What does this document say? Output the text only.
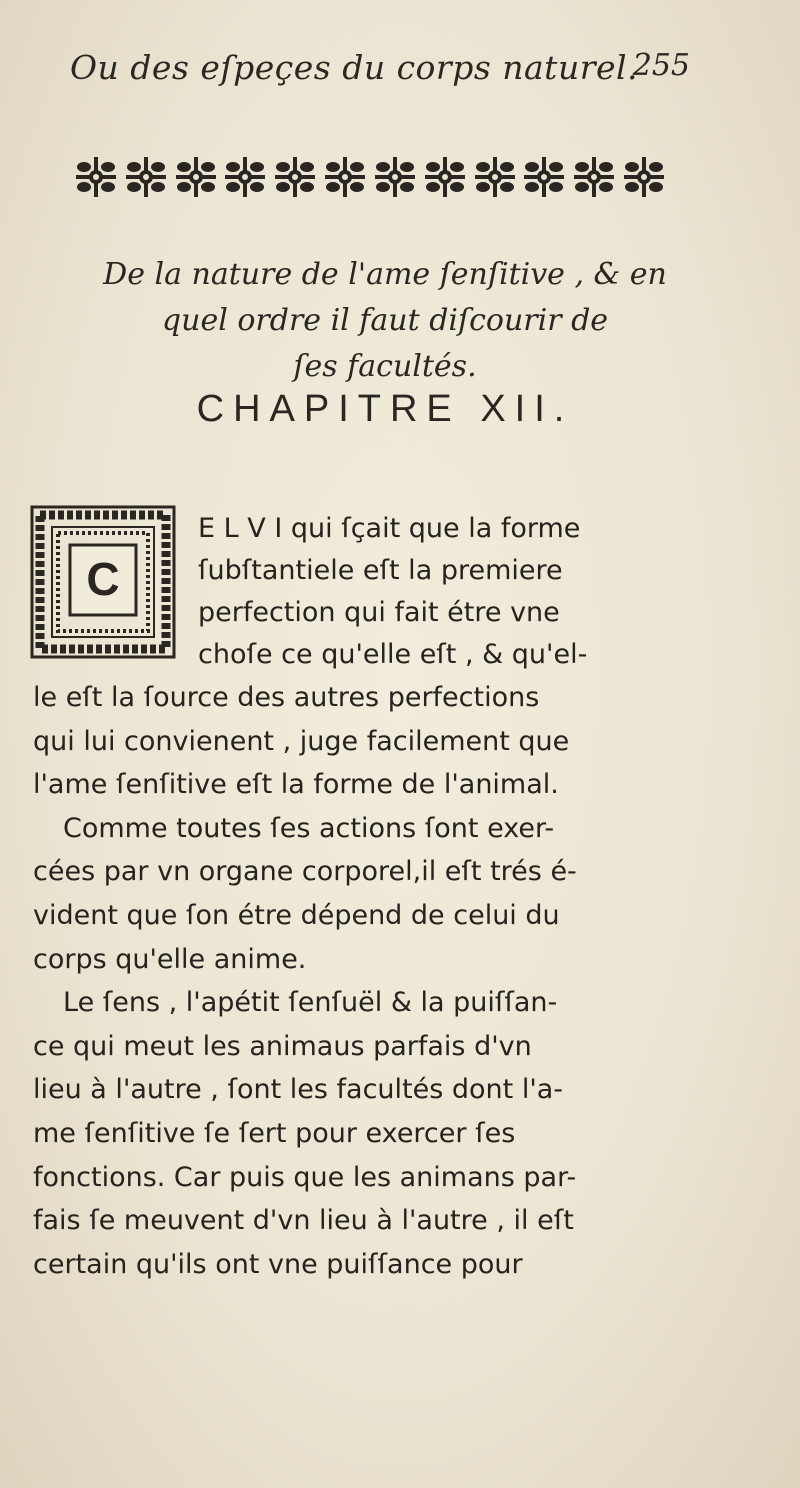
Ou des eſpeçes du corps naturel.
255
De la nature de l'ame ſenſitive , & en
quel ordre il faut diſcourir de
ſes facultés.
CHAPITRE XII.
C
E L V I qui ſçait que la forme
ſubſtantiele eſt la premiere
perfection qui fait étre vne
choſe ce qu'elle eſt , & qu'el-
le eſt la ſource des autres perfections
qui lui convienent , juge facilement que
l'ame ſenſitive eſt la forme de l'animal.
Comme toutes ſes actions ſont exer-
cées par vn organe corporel,il eſt trés é-
vident que ſon étre dépend de celui du
corps qu'elle anime.
Le ſens , l'apétit ſenſuël & la puiſſan-
ce qui meut les animaus parfais d'vn
lieu à l'autre , ſont les facultés dont l'a-
me ſenſitive ſe ſert pour exercer ſes
fonctions. Car puis que les animans par-
fais ſe meuvent d'vn lieu à l'autre , il eſt
certain qu'ils ont vne puiſſance pour
